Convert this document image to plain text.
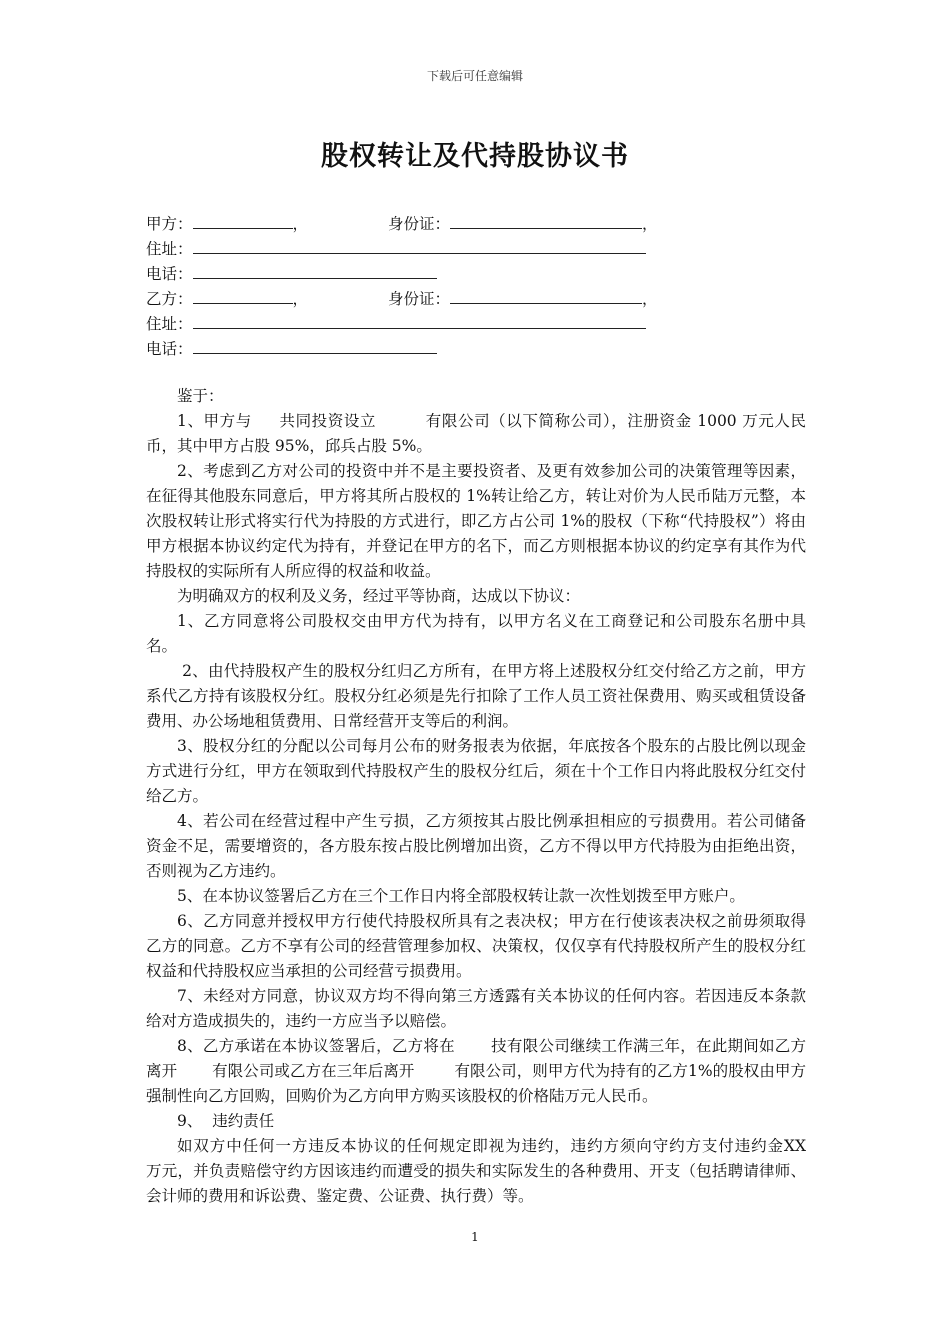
下载后可任意编辑
股权转让及代持股协议书
甲方：	，	身份证：	，
住址：
电话：
乙方：	，	身份证：	，
住址：
电话：

鉴于：

1、甲方与     共同投资设立         有限公司（以下简称公司），注册资金 1000 万元人民币，其中甲方占股 95%，邱兵占股 5%。

2、考虑到乙方对公司的投资中并不是主要投资者、及更有效参加公司的决策管理等因素，在征得其他股东同意后，甲方将其所占股权的 1%转让给乙方，转让对价为人民币陆万元整，本次股权转让形式将实行代为持股的方式进行，即乙方占公司 1%的股权（下称“代持股权”）将由甲方根据本协议约定代为持有，并登记在甲方的名下，而乙方则根据本协议的约定享有其作为代持股权的实际所有人所应得的权益和收益。

为明确双方的权利及义务，经过平等协商，达成以下协议：

1、乙方同意将公司股权交由甲方代为持有，以甲方名义在工商登记和公司股东名册中具名。

2、由代持股权产生的股权分红归乙方所有，在甲方将上述股权分红交付给乙方之前，甲方系代乙方持有该股权分红。股权分红必须是先行扣除了工作人员工资社保费用、购买或租赁设备费用、办公场地租赁费用、日常经营开支等后的利润。

3、股权分红的分配以公司每月公布的财务报表为依据，年底按各个股东的占股比例以现金方式进行分红，甲方在领取到代持股权产生的股权分红后，须在十个工作日内将此股权分红交付给乙方。

4、若公司在经营过程中产生亏损，乙方须按其占股比例承担相应的亏损费用。若公司储备资金不足，需要增资的，各方股东按占股比例增加出资，乙方不得以甲方代持股为由拒绝出资，否则视为乙方违约。

5、在本协议签署后乙方在三个工作日内将全部股权转让款一次性划拨至甲方账户。

6、乙方同意并授权甲方行使代持股权所具有之表决权；甲方在行使该表决权之前毋须取得乙方的同意。乙方不享有公司的经营管理参加权、决策权，仅仅享有代持股权所产生的股权分红权益和代持股权应当承担的公司经营亏损费用。

7、未经对方同意，协议双方均不得向第三方透露有关本协议的任何内容。若因违反本条款给对方造成损失的，违约一方应当予以赔偿。

8、乙方承诺在本协议签署后，乙方将在       技有限公司继续工作满三年，在此期间如乙方离开       有限公司或乙方在三年后离开        有限公司，则甲方代为持有的乙方1%的股权由甲方强制性向乙方回购，回购价为乙方向甲方购买该股权的价格陆万元人民币。

9、  违约责任

如双方中任何一方违反本协议的任何规定即视为违约，违约方须向守约方支付违约金XX      万元，并负责赔偿守约方因该违约而遭受的损失和实际发生的各种费用、开支（包括聘请律师、会计师的费用和诉讼费、鉴定费、公证费、执行费）等。

1
